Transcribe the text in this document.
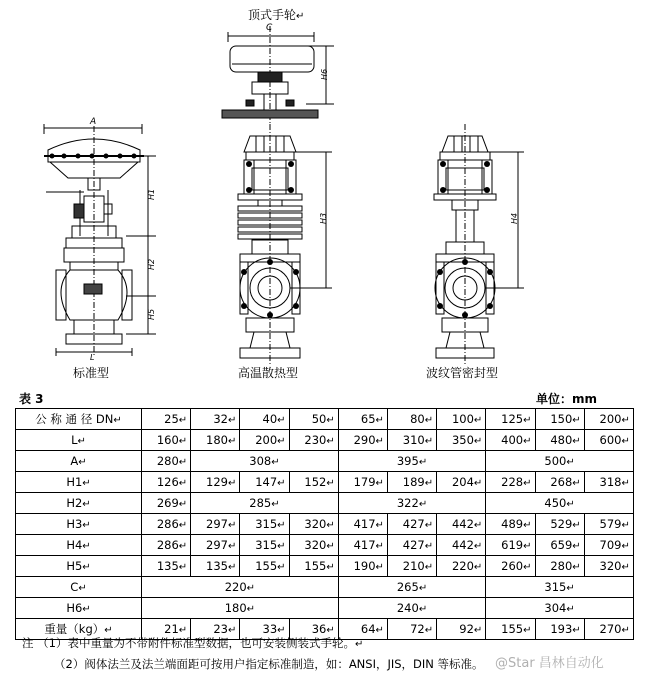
C
H6
A
H1
H2
H5
L
H3	H4
顶式手轮↵
标准型	高温散热型	波纹管密封型
表 3	单位：mm
公 称 通 径 DN↵	25↵	32↵	40↵	50↵	65↵	80↵	100↵	125↵	150↵	200↵
L↵	160↵	180↵	200↵	230↵	290↵	310↵	350↵	400↵	480↵	600↵
A↵	280↵	308↵			395↵			500↵		
H1↵	126↵	129↵	147↵	152↵	179↵	189↵	204↵	228↵	268↵	318↵
H2↵	269↵	285↵			322↵			450↵		
H3↵	286↵	297↵	315↵	320↵	417↵	427↵	442↵	489↵	529↵	579↵
H4↵	286↵	297↵	315↵	320↵	417↵	427↵	442↵	619↵	659↵	709↵
H5↵	135↵	135↵	155↵	155↵	190↵	210↵	220↵	260↵	280↵	320↵
C↵	220↵				265↵			315↵		
H6↵	180↵				240↵			304↵		
重量（kg）↵	21↵	23↵	33↵	36↵	64↵	72↵	92↵	155↵	193↵	270↵
注 （1）表中重量为不带附件标准型数据，也可安装侧装式手轮。↵
（2）阀体法兰及法兰端面距可按用户指定标准制造，如：ANSI，JIS，DIN 等标准。 @Star 昌林自动化
